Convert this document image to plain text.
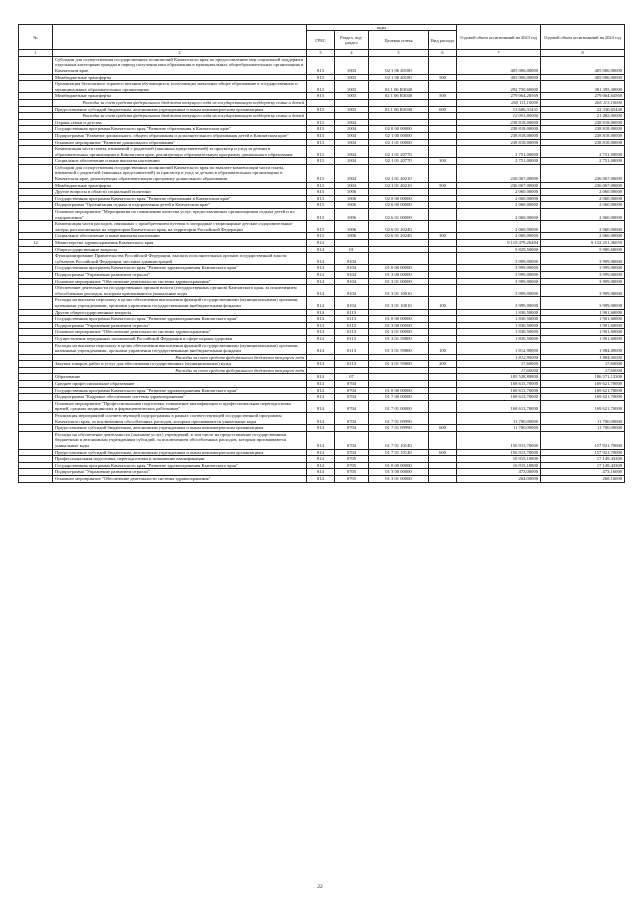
№		коды				Годовой объем ассигнований на 2023 год	Годовой объем ассигнований на 2024 год
		ГРБС	Раздел, под-раздел	Целевая статья	Вид расхода		
1	2	3	4	5	6	7	8
	Субсидии для осуществления государственных полномочий Камчатского края по предоставлению мер социальной поддержки отдельным категориям граждан в период получения ими образования в муниципальных общеобразовательных организациях в Камчатском крае	813	1003	02 1 06 40180		405 006,00000	405 006,00000
	Межбюджетные трансферты	813	1003	02 1 06 40180	500	405 006,00000	405 006,00000
	Организация бесплатного горячего питания обучающихся, получающих начальное общее образование в государственных и муниципальных образовательных организациях	813	1003	02 1 06 R3040		292 750,60000	301 395,30000
	Межбюджетные трансферты	813	1003	02 1 06 R3040	500	279 064,28569	279 064,64560
	Расходы за счет средств федерального бюджета текущего года из государственную поддержку семьи и детей					265 111,10000	265 113,10000
	Предоставление субсидий бюджетным, автономным учреждениям и иным некоммерческим организациям	813	1003	02 1 06 R3040	600	13 686,31431	22 330,65440
	Расходы за счет средств федерального бюджета текущего года из государственную поддержку семьи и детей					12 001,80000	21 482,00000
	Охрана семьи и детства	813	1004			238 818,00000	238 818,00000
	Государственная программа Камчатского края "Развитие образования в Камчатском крае"	813	1004	02 0 00 00000		238 818,00000	238 818,00000
	Подпрограмма "Развитие дошкольного, общего образования и дополнительного образования детей в Камчатском крае"	813	1004	02 1 00 00000		238 818,00000	238 818,00000
	Основное мероприятие "Развитие дошкольного образования"	813	1004	02 1 01 00000		238 818,00000	238 818,00000
	Компенсация части платы, взимаемой с родителей (законных представителей) за присмотр и уход за детьми в образовательных организациях в Камчатском крае, реализующих образовательную программу дошкольного образования	813	1004	02 1 01 20770		2 751,00000	2 751,00000
	Социальное обеспечение и иные выплаты населению	813	1004	02 1 01 20770	300	2 751,00000	2 751,00000
	Субсидии для осуществления государственных полномочий Камчатского края по выплате компенсации части платы, взимаемой с родителей (законных представителей) за присмотр и уход за детьми в образовательных организациях в Камчатском крае, реализующих образовательную программу дошкольного образования	813	1004	02 1 01 40210		236 067,00000	236 067,00000
	Межбюджетные трансферты	813	1004	02 1 01 40210	500	236 067,00000	236 067,00000
	Другие вопросы в области социальной политики	813	1006			2 060,00000	2 060,00000
	Государственная программа Камчатского края "Развитие образования в Камчатском крае"	813	1006	02 0 00 00000		2 060,00000	2 060,00000
	Подпрограмма "Организация отдыха и оздоровления детей в Камчатском крае"	813	1006	02 6 00 00000		2 060,00000	2 060,00000
	Основное мероприятие "Мероприятия по повышению качества услуг, предоставляемых организациями отдыха детей и их оздоровления"	813	1006	02 6 01 00000		2 060,00000	2 060,00000
	Компенсация части расходов, связанных с приобретением путевок в загородные стационарные детские оздоровительные лагеря, расположенные на территории Камчатского края, на территории Российской Федерации	813	1006	02 6 01 20240		2 060,00000	2 060,00000
	Социальное обеспечение и иные выплаты населению	813	1006	02 6 01 20240	300	2 060,00000	2 060,00000
12	Министерство здравоохранения Камчатского края	814				9 119 479,26484	9 132 251,36059
	Общегосударственные вопросы	814	01			5 829,50000	5 900,60000
	Функционирование Правительства Российской Федерации, высших исполнительных органов государственной власти субъектов Российской Федерации, местных администраций	814	0104			3 999,00000	3 999,00000
	Государственная программа Камчатского края "Развитие здравоохранения Камчатского края"	814	0104	01 0 00 00000		3 999,00000	3 999,00000
	Подпрограмма "Управление развитием отрасли"	814	0104	01 3 00 00000		3 999,00000	3 999,00000
	Основное мероприятие "Обеспечение деятельности системы здравоохранения"	814	0104	01 3 01 00000		3 999,00000	3 999,00000
	Обеспечение деятельности государственных органов власти (государственных органов) Камчатского края, за исключением обособленных расходов, которым присваиваются уникальные коды	814	0104	01 3 01 10010		3 999,00000	3 999,00000
	Расходы на выплаты персоналу в целях обеспечения выполнения функций государственными (муниципальными) органами, казенными учреждениями, органами управления государственными внебюджетными фондами	814	0104	01 3 01 10010	100	3 999,00000	3 999,00000
	Другие общегосударственные вопросы	814	0113			1 830,50000	1 901,60000
	Государственная программа Камчатского края "Развитие здравоохранения Камчатского края"	814	0113	01 0 00 00000		1 830,50000	1 901,60000
	Подпрограмма "Управление развитием отрасли"	814	0113	01 3 00 00000		1 830,50000	1 901,60000
	Основное мероприятие "Обеспечение деятельности системы здравоохранения"	814	0113	01 3 01 00000		1 830,50000	1 901,60000
	Осуществление переданных полномочий Российской Федерации в сфере охраны здоровья	814	0113	01 3 01 59800		1 830,50000	1 901,60000
	Расходы на выплаты персоналу в целях обеспечения выполнения функций государственными (муниципальными) органами, казенными учреждениями, органами управления государственными внебюджетными фондами	814	0113	01 3 01 59800	100	1 812,90000	1 884,00000
	Расходы за счет средств федерального бюджета текущего года					1 812,90000	1 884,00000
	Закупка товаров, работ и услуг для обеспечения государственных (муниципальных) нужд	814	0113	01 3 01 59800	200	17,60000	17,60000
	Расходы за счет средств федерального бюджета текущего года					17,60000	17,60000
	Образование	814	07			185 528,80800	186 571,13300
	Среднее профессиональное образование	814	0704			168 613,70000	169 621,70000
	Государственная программа Камчатского края "Развитие здравоохранения Камчатского края"	814	0704	01 0 00 00000		168 613,70000	169 621,70000
	Подпрограмма "Кадровое обеспечение системы здравоохранения"	814	0704	01 7 00 00000		168 613,70000	169 621,70000
	Основное мероприятие "Профессиональная подготовка, повышение квалификации и профессиональная переподготовка врачей, средних медицинских и фармацевтических работников"	814	0704	01 7 01 00000		168 613,70000	169 621,70000
	Реализация мероприятий соответствующей подпрограммы в рамках соответствующей государственной программы Камчатского края, за исключением обособленных расходов, которым присваиваются уникальные коды	814	0704	01 7 01 09990		11 700,00000	11 700,00000
	Предоставление субсидий бюджетным, автономным учреждениям и иным некоммерческим организациям	814	0704	01 7 01 09990	600	11 700,00000	11 700,00000
	Расходы на обеспечение деятельности (оказание услуг) учреждений, в том числе на предоставление государственным бюджетным и автономным учреждениям субсидий, за исключением обособленных расходов, которым присваиваются уникальные коды	814	0704	01 7 01 10140		156 913,70000	157 921,70000
	Предоставление субсидий бюджетным, автономным учреждениям и иным некоммерческим организациям	814	0704	01 7 01 10140	600	156 913,70000	157 921,70000
	Профессиональная подготовка, переподготовка и повышение квалификации	814	0705			16 915,10800	17 149,43300
	Государственная программа Камчатского края "Развитие здравоохранения Камчатского края"	814	0705	01 0 00 00000		16 915,10800	17 149,43300
	Подпрограмма "Управление развитием отрасли"	814	0705	01 3 00 00000		473,00000	473,16000
	Основное мероприятие "Обеспечение деятельности системы здравоохранения"	814	0705	01 3 01 00000		264,00000	268,16000
22
